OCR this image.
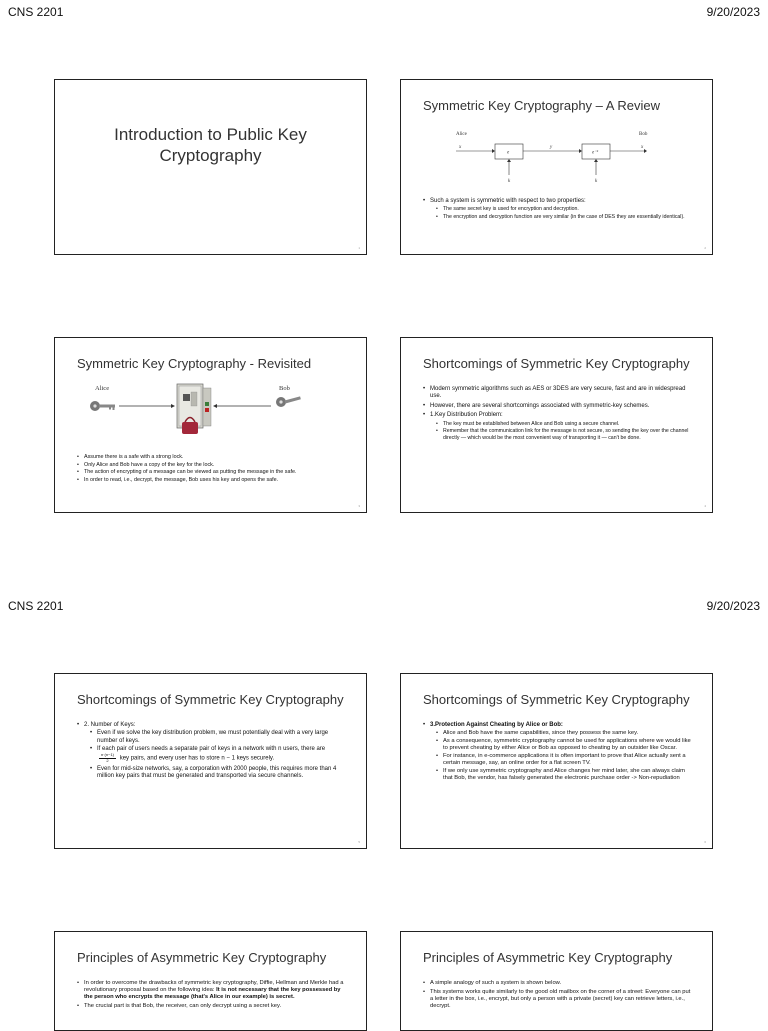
CNS 2201	9/20/2023
CNS 2201	9/20/2023
Introduction to Public Key Cryptography
1
Symmetric Key Cryptography – A Review
Alice	Bob
x
e
y
e⁻¹
x
k	k
• Such a system is symmetric with respect to two properties:
• The same secret key is used for encryption and decryption.
• The encryption and decryption function are very similar (in the case of DES they are essentially identical).
2
Symmetric Key Cryptography - Revisited
Alice	Bob
• Assume there is a safe with a strong lock.
• Only Alice and Bob have a copy of the key for the lock.
• The action of encrypting of a message can be viewed as putting the message in the safe.
• In order to read, i.e., decrypt, the message, Bob uses his key and opens the safe.
3
Shortcomings of Symmetric Key Cryptography
• Modern symmetric algorithms such as AES or 3DES are very secure, fast and are in widespread use.
• However, there are several shortcomings associated with symmetric-key schemes.
• 1.Key Distribution Problem:
• The key must be established between Alice and Bob using a secure channel.
• Remember that the communication link for the message is not secure, so sending the key over the channel directly — which would be the most convenient way of transporting it — can't be done.
4
Shortcomings of Symmetric Key Cryptography
• 2. Number of Keys:
• Even if we solve the key distribution problem, we must potentially deal with a very large number of keys.
• If each pair of users needs a separate pair of keys in a network with n users, there are
$\frac{n\cdot(n-1)}{2}$ key pairs, and every user has to store n − 1 keys securely.
• Even for mid-size networks, say, a corporation with 2000 people, this requires more than 4 million key pairs that must be generated and transported via secure channels.
5
Shortcomings of Symmetric Key Cryptography
• 3.Protection Against Cheating by Alice or Bob:
• Alice and Bob have the same capabilities, since they possess the same key.
• As a consequence, symmetric cryptography cannot be used for applications where we would like to prevent cheating by either Alice or Bob as opposed to cheating by an outsider like Oscar.
• For instance, in e-commerce applications it is often important to prove that Alice actually sent a certain message, say, an online order for a flat screen TV.
• If we only use symmetric cryptography and Alice changes her mind later, she can always claim that Bob, the vendor, has falsely generated the electronic purchase order -> Non-repudiation
6
Principles of Asymmetric Key Cryptography
• In order to overcome the drawbacks of symmetric key cryptography, Diffie, Hellman and Merkle had a revolutionary proposal based on the following idea: It is not necessary that the key possessed by the person who encrypts the message (that's Alice in our example) is secret.
• The crucial part is that Bob, the receiver, can only decrypt using a secret key.
Principles of Asymmetric Key Cryptography
• A simple analogy of such a system is shown below.
• This systems works quite similarly to the good old mailbox on the corner of a street: Everyone can put a letter in the box, i.e., encrypt, but only a person with a private (secret) key can retrieve letters, i.e., decrypt.
